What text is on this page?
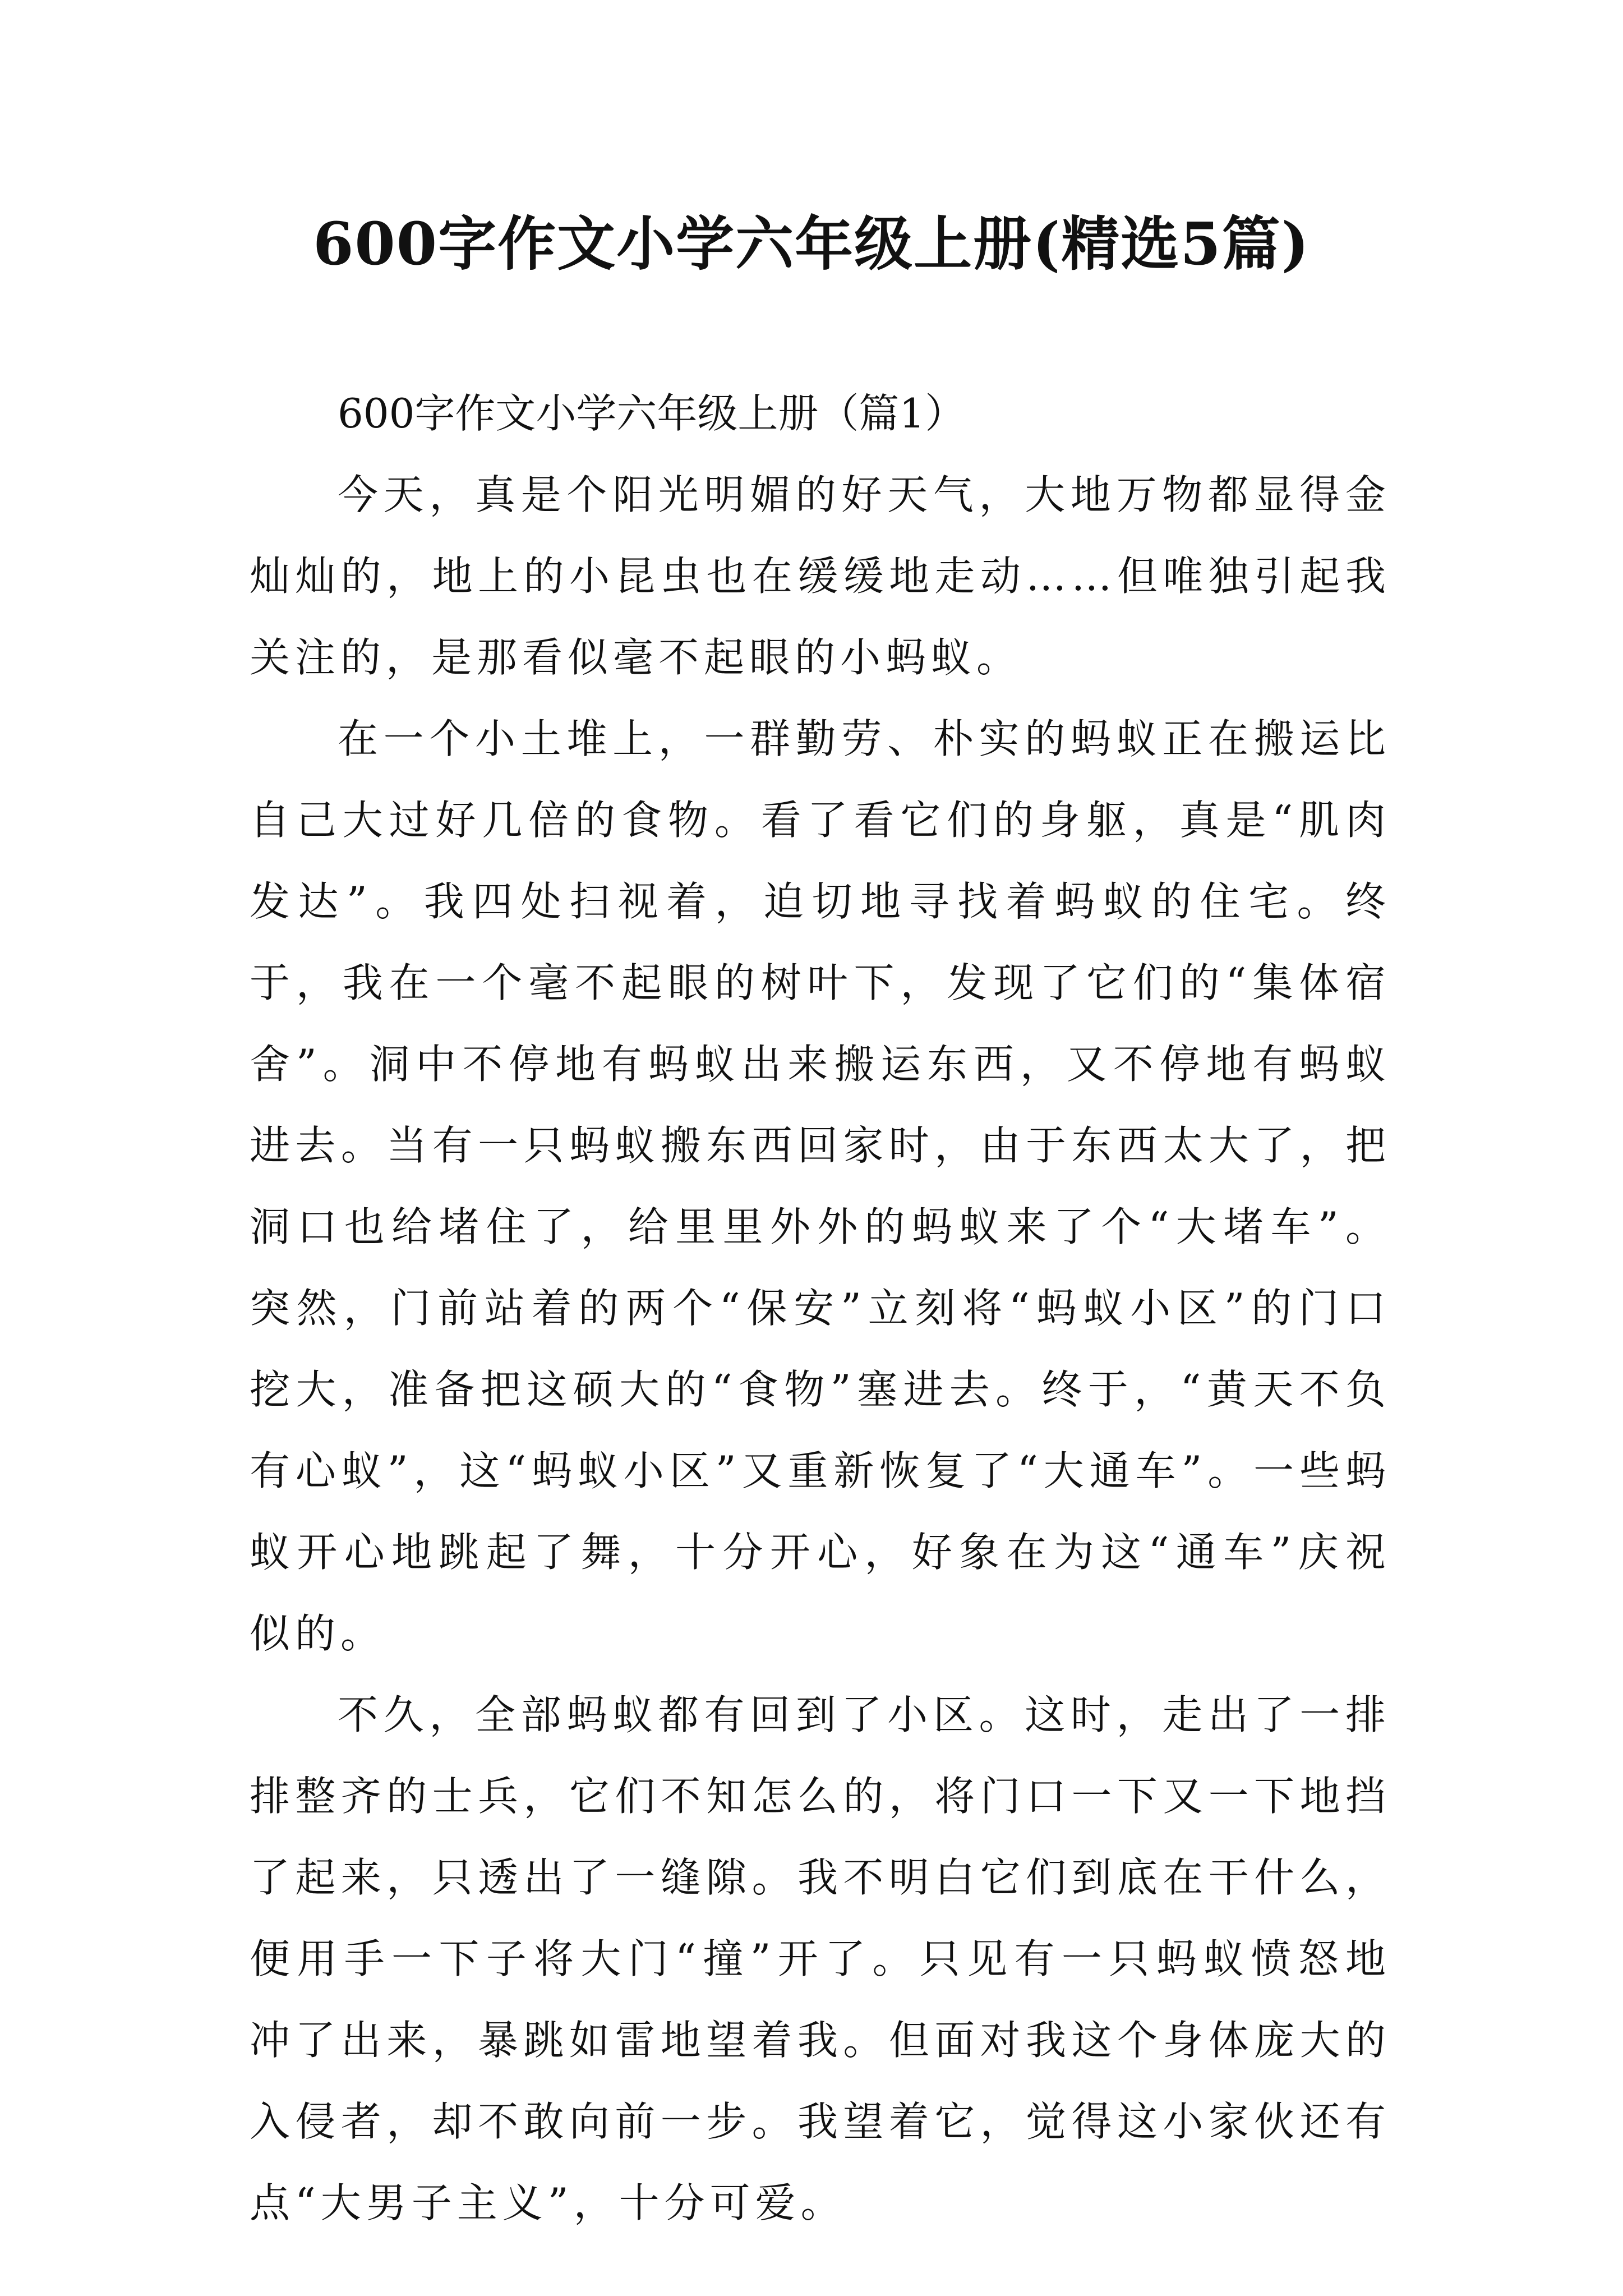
600字作文小学六年级上册(精选5篇)

600字作文小学六年级上册（篇1）

今天，真是个阳光明媚的好天气，大地万物都显得金灿灿的，地上的小昆虫也在缓缓地走动……但唯独引起我关注的，是那看似毫不起眼的小蚂蚁。

在一个小土堆上，一群勤劳、朴实的蚂蚁正在搬运比自己大过好几倍的食物。看了看它们的身躯，真是“肌肉发达”。我四处扫视着，迫切地寻找着蚂蚁的住宅。终于，我在一个毫不起眼的树叶下，发现了它们的“集体宿舍”。洞中不停地有蚂蚁出来搬运东西，又不停地有蚂蚁进去。当有一只蚂蚁搬东西回家时，由于东西太大了，把洞口也给堵住了，给里里外外的蚂蚁来了个“大堵车”。突然，门前站着的两个“保安”立刻将“蚂蚁小区”的门口挖大，准备把这硕大的“食物”塞进去。终于，“黄天不负有心蚁”，这“蚂蚁小区”又重新恢复了“大通车”。一些蚂蚁开心地跳起了舞，十分开心，好象在为这“通车”庆祝似的。

不久，全部蚂蚁都有回到了小区。这时，走出了一排排整齐的士兵，它们不知怎么的，将门口一下又一下地挡了起来，只透出了一缝隙。我不明白它们到底在干什么，便用手一下子将大门“撞”开了。只见有一只蚂蚁愤怒地冲了出来，暴跳如雷地望着我。但面对我这个身体庞大的入侵者，却不敢向前一步。我望着它，觉得这小家伙还有点“大男子主义”，十分可爱。
